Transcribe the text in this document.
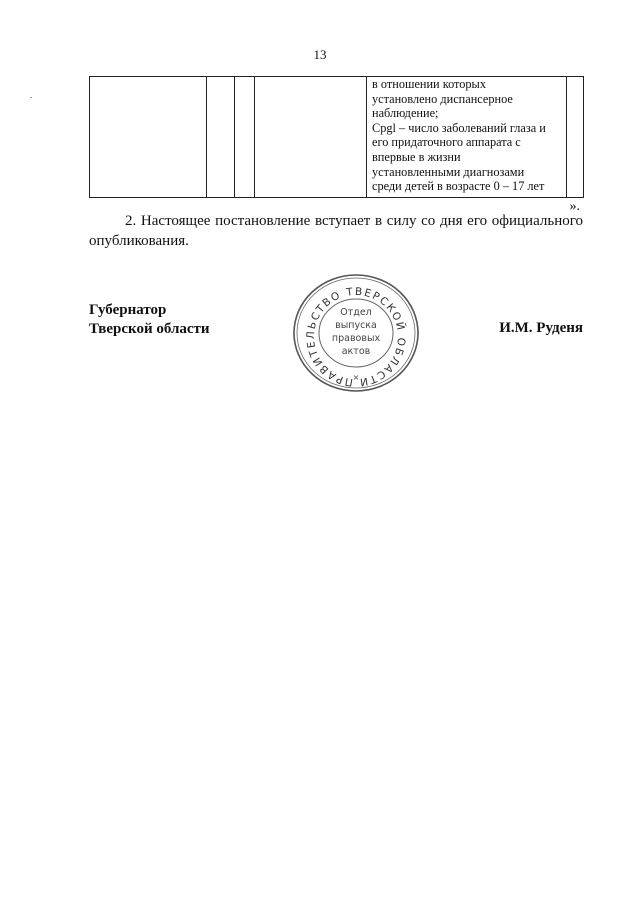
13

в отношении которых
установлено диспансерное
наблюдение;
Cpgl – число заболеваний глаза и
его придаточного аппарата с
впервые в жизни
установленными диагнозами
среди детей в возрасте 0 – 17 лет

».
2. Настоящее постановление вступает в силу со дня его официального опубликования.
Губернатор
Тверской области
ПРАВИТЕЛЬСТВО ТВЕРСКОЙ ОБЛАСТИ
Отдел
выпуска
правовых
актов
×
И.М. Руденя
